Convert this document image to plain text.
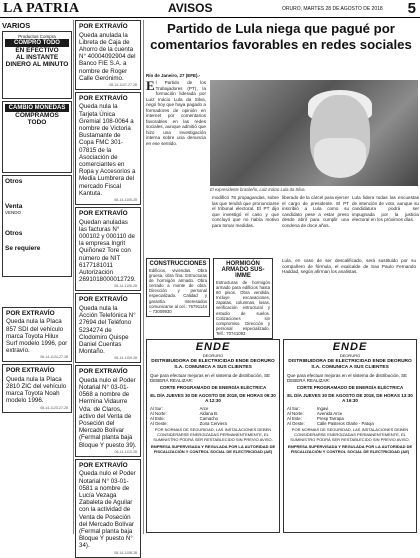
LA PATRIA	AVISOS	ORURO, MARTES 28 DE AGOSTO DE 2018 5
VARIOS
Productos Compra
COMPRO TODO
EN EFECTIVO
AL INSTANTE
DINERO AL MINUTO
CAMBIO MONEDAS
COMPRAMOS TODO
Otros
Venta
VENDO
Otros
Se requiere
POR EXTRAVÍO
Queda nula la Placa 857 SDI del vehículo marca Toyota Hilux Surf modelo 1996, por extravío.
08-14-1124-27-28
POR EXTRAVÍO
Queda nula la Placa 2810 ZIC del vehículo marca Toyota Noah modelo 1996.
08-14-1123-27-28
POR EXTRAVÍO
Queda anulada la Libreta de Caja de Ahorro de la cuenta N° 40004092904 del Banco FIE S.A. a nombre de Roger Calle Gerónimo.
08-14-1107-27-28
POR EXTRAVÍO
Queda nula la Tarjeta Única Gremial 108-0064 a nombre de Victoria Bustamante de Copa FMC 301-07815 de la Asociación de comerciantes en Ropa y Accesorios a Media Lumbrera del mercado Fiscal Kantuta.
08-14-1105-28
POR EXTRAVÍO
Quedan anuladas las facturas N° 000102 y 000110 de la empresa Ingrit Quiñonez Tore con número de NIT 6177181011 Autorización 2691018000012729.
08-14-1106-28
POR EXTRAVÍO
Queda nula la Acción Telefónica N° 27694 del Teléfono 5234274 de Clodomiro Quispe Daniel Cuentas Montaño.
08-14-1109-28
POR EXTRAVÍO
Queda nulo el Poder Notarial N° 03-01-0568 a nombre de Hermina Vidaurre Vda. de Claros, activo del Venta de Poseción del Mercado Bolívar (Fermal planta baja Bloque Y puesto 39).
08-14-1110-28
POR EXTRAVÍO
Queda nulo el Poder Notarial N° 03-01-0581 a nombre de Lucía Vezaga Zabaleta de Aguilar con la actividad de Venta de Poseción del Mercado Bolívar (Fermal planta baja Bloque Y puesto N° 34).
08-14-1108-28
Partido de Lula niega que pagué por comentarios favorables en redes sociales
Río de Janeiro, 27 (EFE).-
El Partido de los Trabajadores (PT), la formación liderada por Luiz Inácio Lula da Silva, negó hoy que haya pagado a formadores de opinión en internet por comentarios favorables en las redes sociales, aunque admitió que hizo una investigación interna sobre una denuncia en ese sentido.
El expresidente brasileño, Luiz Inácio Lula da Silva.
modificó 78 propagandas, sobre las que tendrá que pronunciarse el tribunal electoral. El PT dijo que investigó el caso y que concluyó que no había motivo para tomar medidas.
liberado de la cárcel para ejercer el cargo de presidente. El PT inscribió a Lula como su candidato pese a estar preso desde abril para cumplir una condena de doce años.
Lula lidera todas las encuestas de intención de voto, aunque su candidatura podrá ser impugnada por la justicia electoral en los próximos días.
Lula, en caso de ser descalificado, será sustituido por su compañero de fórmula, el exalcalde de Sao Paulo Fernando Haddad, según afirman los analistas.
CONSTRUCCIONES
Edificios, viviendas. Obra gruesa, obra fina. Estructuras de hormigón armado. Obra cerrado a monte de obra. Dirección y personal especializado. Calidad y garantía. Interesados comunicarse al cel.: 76791144 – 73009930
HORMIGÓN ARMADO SUS-IMME
Estructuras de hormigón armado para edificios hasta 60 pisos. Obra vendida. Incluye excavaciones, zapatas, columnas, losas, verificación estructural y estudio de suelos. Cotizaciones sin compromiso. Dirección y personal especializado. Telf.: 70741093
ENDE
DEORURO
DISTRIBUIDORA DE ELECTRICIDAD ENDE DEORURO S.A. COMUNICA A SUS CLIENTES
Que para efectuar mejoras en el sistema de distribución, SE DEBERÁ REALIZAR:
CORTE PROGRAMADO DE ENERGÍA ELÉCTRICA
EL DÍA JUEVES 30 DE AGOSTO DE 2018, DE HORAS 09:30 A 12:30
Al Sur:	Arce
Al Norte:	Aldana B.
Al Este:	Camacho
Al Oeste:	Zona Cerviera
POR NORMAS DE SEGURIDAD, LAS INSTALACIONES DEBEN CONSIDERARSE ENERGIZADAS PERMANENTEMENTE, EL SUMINISTRO PODRÁ SER RESTABLECIDO SIN PREVIO AVISO.
EMPRESA SUPERVISADA Y REGULADA POR LA AUTORIDAD DE FISCALIZACIÓN Y CONTROL SOCIAL DE ELECTRICIDAD (AE)
ENDE
DEORURO
DISTRIBUIDORA DE ELECTRICIDAD ENDE DEORURO S.A. COMUNICA A SUS CLIENTES
Que para efectuar mejoras en el sistema de distribución, SE DEBERÁ REALIZAR:
CORTE PROGRAMADO DE ENERGÍA ELÉCTRICA
EL DÍA JUEVES 30 DE AGOSTO DE 2018, DE HORAS 13:30 A 16:30
Al Sur:	Ingavi
Al Norte:	Avenida Arce
Al Este:	Presp Tarrapa
Al Oeste:	Calle Pasteros Olarte - Patoja
POR NORMAS DE SEGURIDAD, LAS INSTALACIONES DEBEN CONSIDERARSE ENERGIZADAS PERMANENTEMENTE, EL SUMINISTRO PODRÁ SER RESTABLECIDO SIN PREVIO AVISO.
EMPRESA SUPERVISADA Y REGULADA POR LA AUTORIDAD DE FISCALIZACIÓN Y CONTROL SOCIAL DE ELECTRICIDAD (AE)
